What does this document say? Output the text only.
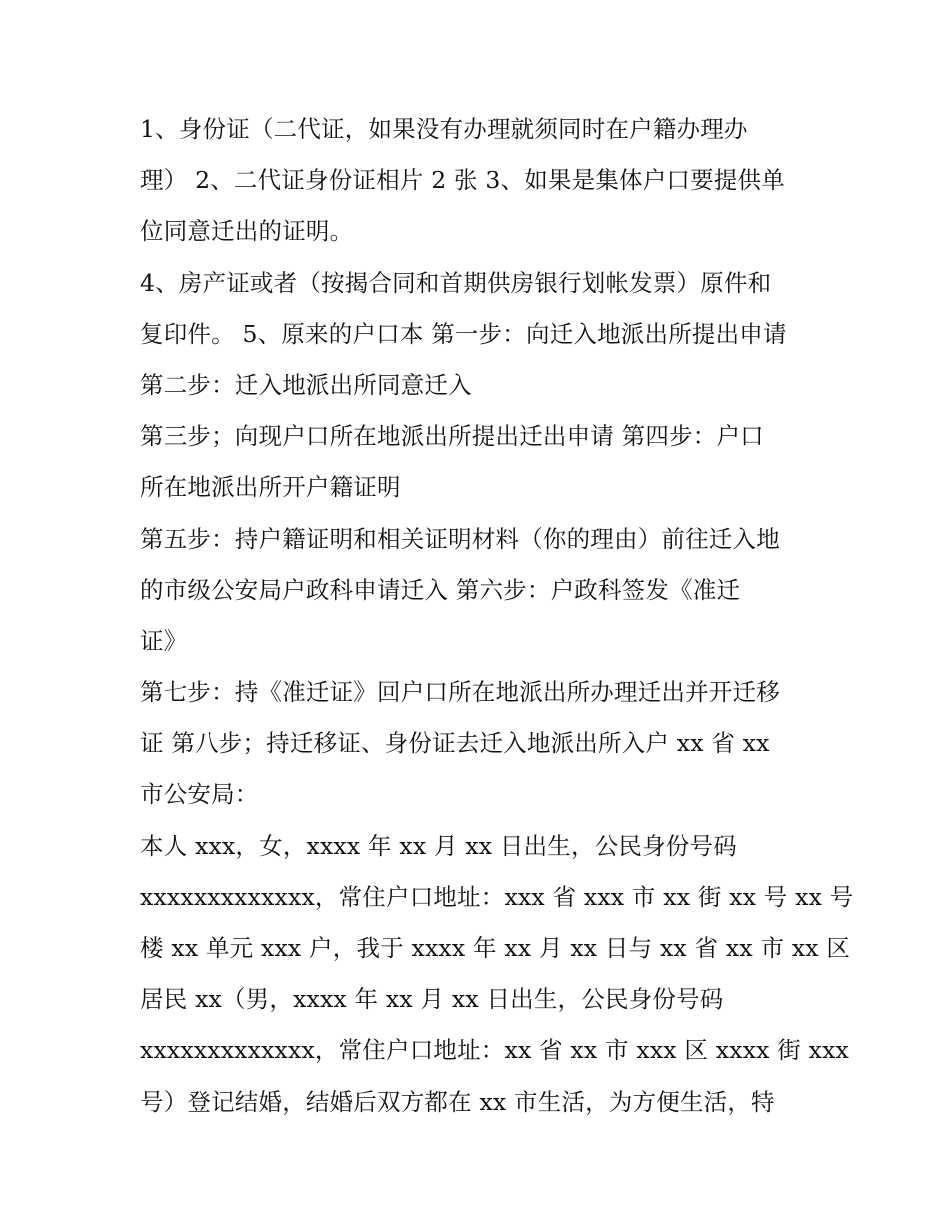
1、身份证（二代证，如果没有办理就须同时在户籍办理办
理） 2、二代证身份证相片 2 张 3、如果是集体户口要提供单
位同意迁出的证明。
4、房产证或者（按揭合同和首期供房银行划帐发票）原件和
复印件。 5、原来的户口本 第一步：向迁入地派出所提出申请
第二步：迁入地派出所同意迁入
第三步；向现户口所在地派出所提出迁出申请 第四步：户口
所在地派出所开户籍证明
第五步：持户籍证明和相关证明材料（你的理由）前往迁入地
的市级公安局户政科申请迁入 第六步：户政科签发《准迁
证》
第七步：持《准迁证》回户口所在地派出所办理迁出并开迁移
证 第八步；持迁移证、身份证去迁入地派出所入户 xx 省 xx
市公安局：
本人 xxx，女，xxxx 年 xx 月 xx 日出生，公民身份号码
xxxxxxxxxxxxx，常住户口地址：xxx 省 xxx 市 xx 街 xx 号 xx 号
楼 xx 单元 xxx 户，我于 xxxx 年 xx 月 xx 日与 xx 省 xx 市 xx 区
居民 xx（男，xxxx 年 xx 月 xx 日出生，公民身份号码
xxxxxxxxxxxxx，常住户口地址：xx 省 xx 市 xxx 区 xxxx 街 xxx
号）登记结婚，结婚后双方都在 xx 市生活，为方便生活，特
